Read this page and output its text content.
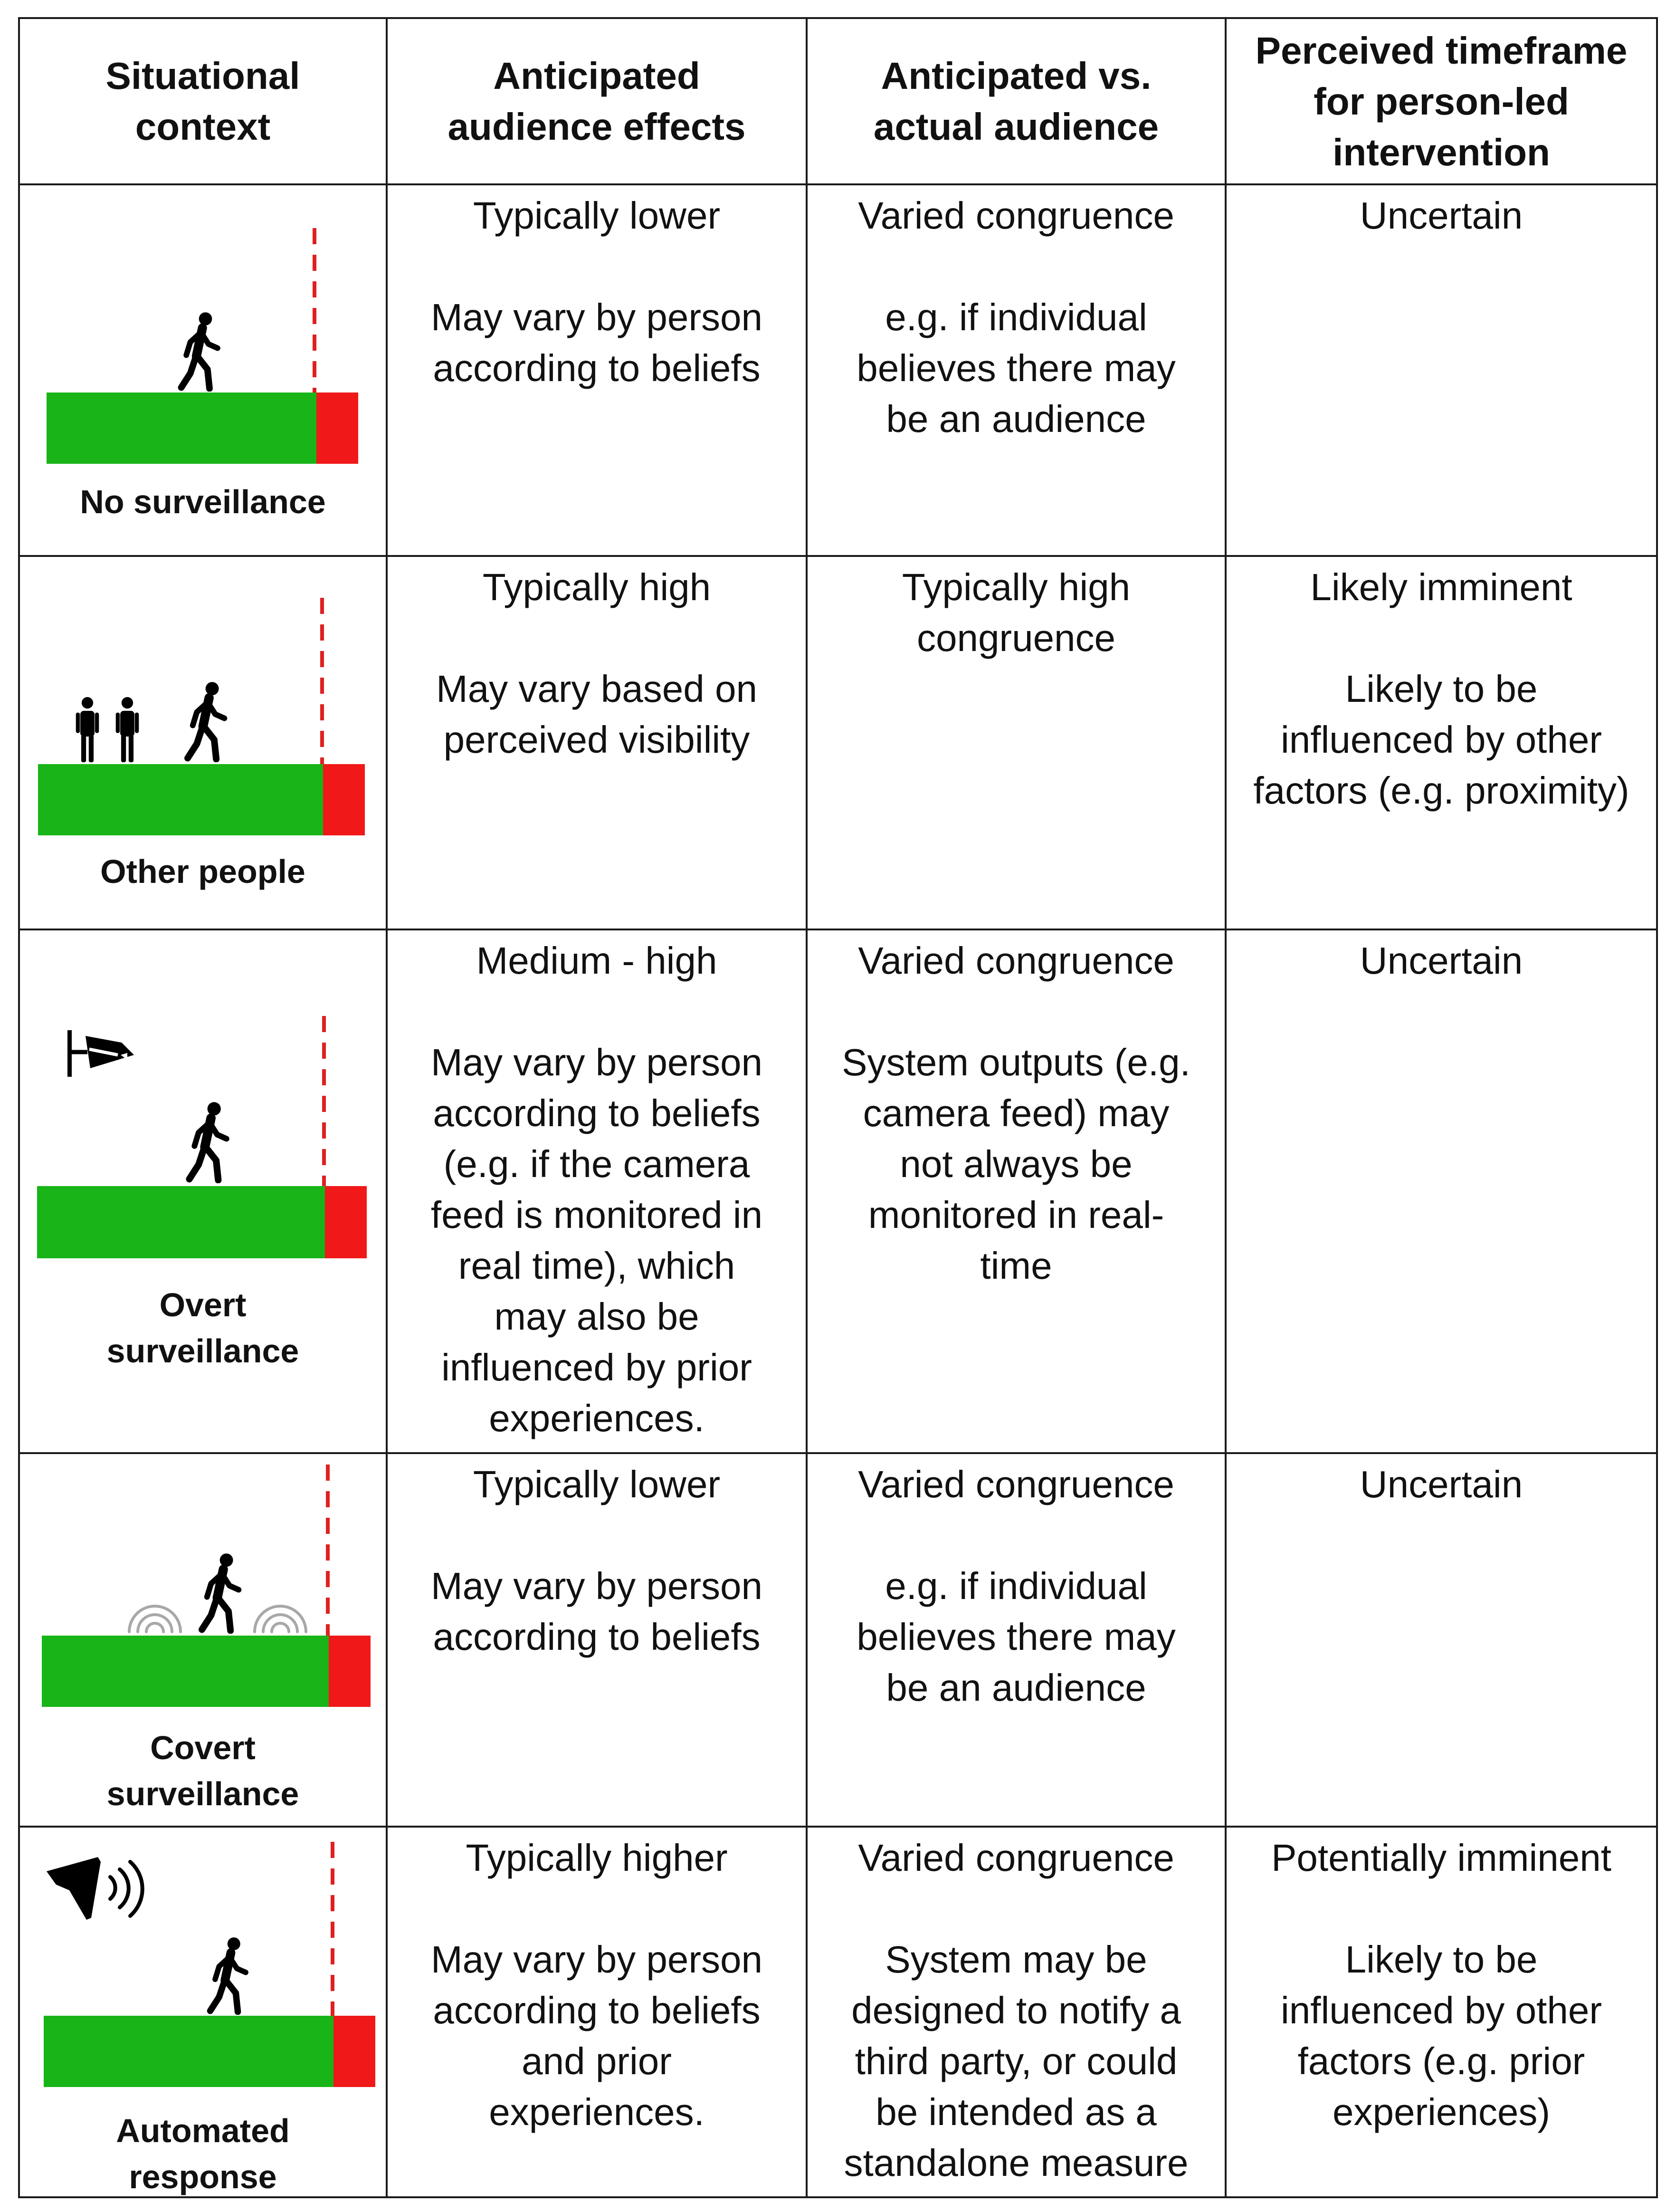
Situational
context
Anticipated
audience effects
Anticipated vs.
actual audience
Perceived timeframe
for person-led
intervention
Typically lower

May vary by person
according to beliefs
Varied congruence

e.g. if individual
believes there may
be an audience
Uncertain
No surveillance
Typically high

May vary based on
perceived visibility
Typically high
congruence
Likely imminent

Likely to be
influenced by other
factors (e.g. proximity)
Other people
Medium - high

May vary by person
according to beliefs
(e.g. if the camera
feed is monitored in
real time), which
may also be
influenced by prior
experiences.
Varied congruence

System outputs (e.g.
camera feed) may
not always be
monitored in real-
time
Uncertain
Overt
surveillance
Typically lower

May vary by person
according to beliefs
Varied congruence

e.g. if individual
believes there may
be an audience
Uncertain
Covert
surveillance
Typically higher

May vary by person
according to beliefs
and prior
experiences.
Varied congruence

System may be
designed to notify a
third party, or could
be intended as a
standalone measure
Potentially imminent

Likely to be
influenced by other
factors (e.g. prior
experiences)
Automated
response
